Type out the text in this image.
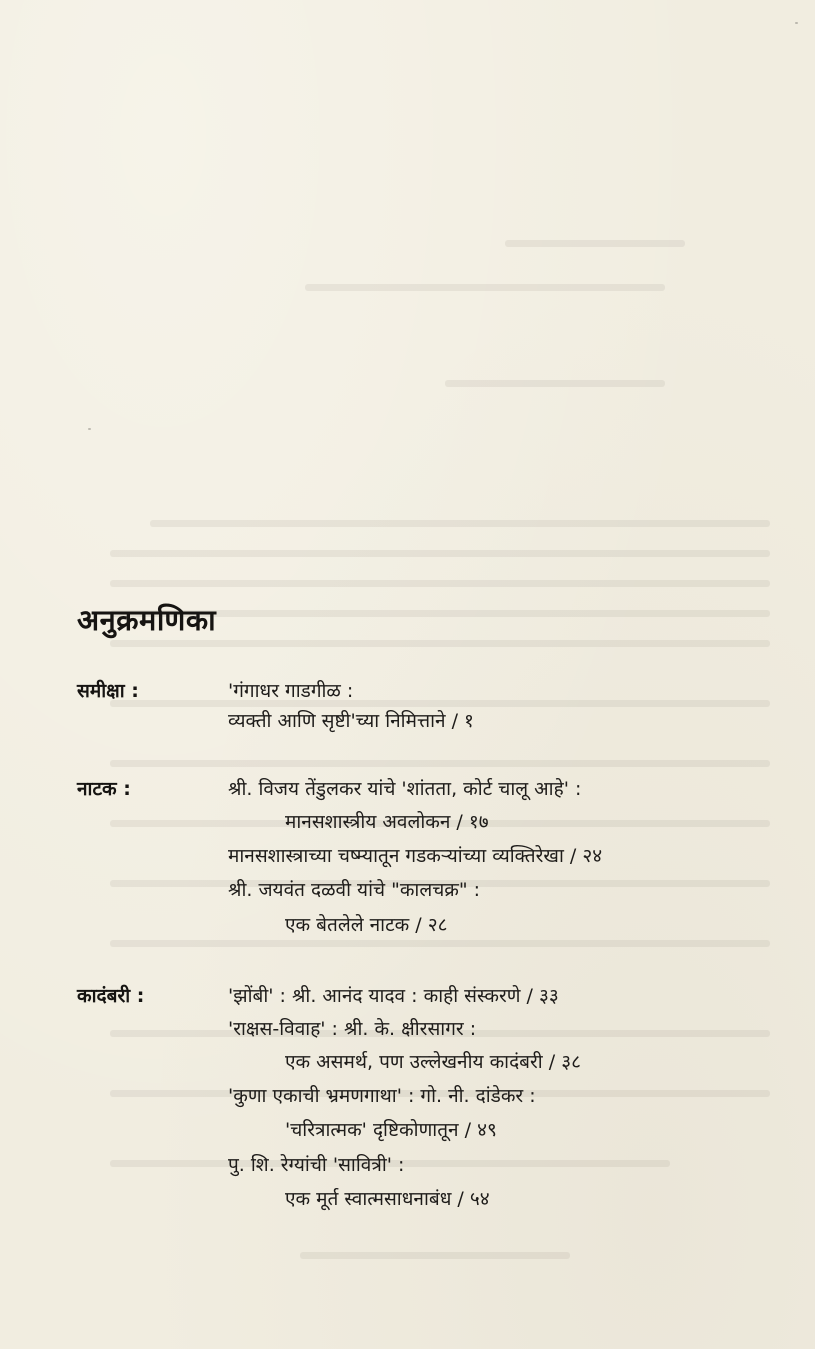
अनुक्रमणिका
समीक्षा :	'गंगाधर गाडगीळ :
व्यक्ती आणि सृष्टी'च्या निमित्ताने / १
नाटक :	श्री. विजय तेंडुलकर यांचे 'शांतता, कोर्ट चालू आहे' :
मानसशास्त्रीय अवलोकन / १७
मानसशास्त्राच्या चष्म्यातून गडकऱ्यांच्या व्यक्तिरेखा / २४
श्री. जयवंत दळवी यांचे "कालचक्र" :
एक बेतलेले नाटक / २८
कादंबरी :	'झोंबी' : श्री. आनंद यादव : काही संस्करणे / ३३
'राक्षस-विवाह' : श्री. के. क्षीरसागर :
एक असमर्थ, पण उल्लेखनीय कादंबरी / ३८
'कुणा एकाची भ्रमणगाथा' : गो. नी. दांडेकर :
'चरित्रात्मक' दृष्टिकोणातून / ४९
पु. शि. रेग्यांची 'सावित्री' :
एक मूर्त स्वात्मसाधनाबंध / ५४
